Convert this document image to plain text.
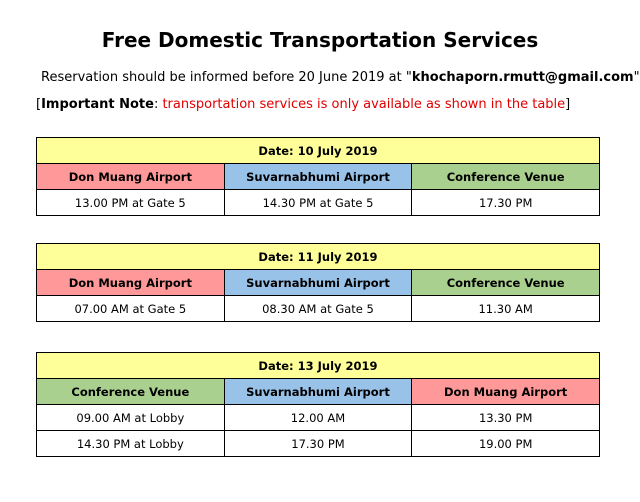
Free Domestic Transportation Services
Reservation should be informed before 20 June 2019 at "khochaporn.rmutt@gmail.com"
[Important Note: transportation services is only available as shown in the table]
Date: 10 July 2019		
Don Muang Airport	Suvarnabhumi Airport	Conference Venue
13.00 PM at Gate 5	14.30 PM at Gate 5	17.30 PM
Date: 11 July 2019		
Don Muang Airport	Suvarnabhumi Airport	Conference Venue
07.00 AM at Gate 5	08.30 AM at Gate 5	11.30 AM
Date: 13 July 2019		
Conference Venue	Suvarnabhumi Airport	Don Muang Airport
09.00 AM at Lobby	12.00 AM	13.30 PM
14.30 PM at Lobby	17.30 PM	19.00 PM
